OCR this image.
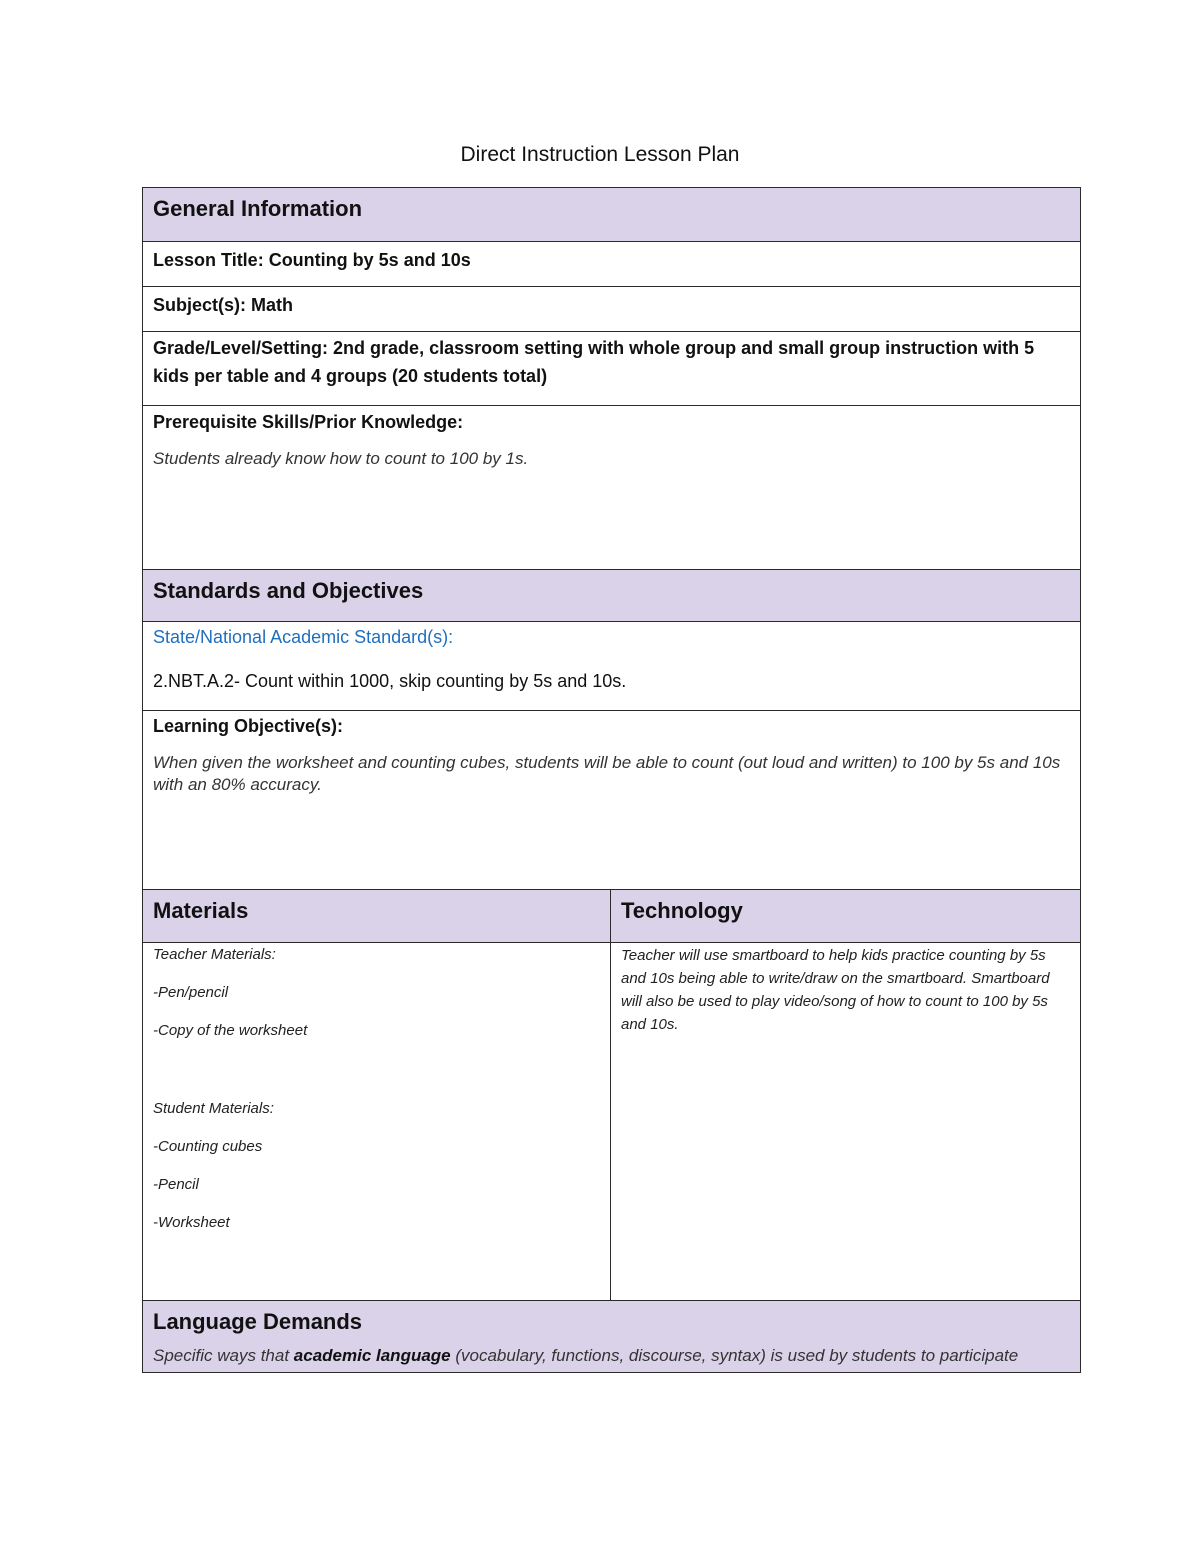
Direct Instruction Lesson Plan
General Information
Lesson Title: Counting by 5s and 10s
Subject(s): Math
Grade/Level/Setting: 2nd grade, classroom setting with whole group and small group instruction with 5 kids per table and 4 groups (20 students total)
Prerequisite Skills/Prior Knowledge:
Students already know how to count to 100 by 1s.
Standards and Objectives
State/National Academic Standard(s):
2.NBT.A.2- Count within 1000, skip counting by 5s and 10s.
Learning Objective(s):
When given the worksheet and counting cubes, students will be able to count (out loud and written) to 100 by 5s and 10s with an 80% accuracy.
Materials	Technology
Teacher Materials:
-Pen/pencil
-Copy of the worksheet
Student Materials:
-Counting cubes
-Pencil
-Worksheet
Teacher will use smartboard to help kids practice counting by 5s and 10s being able to write/draw on the smartboard. Smartboard will also be used to play video/song of how to count to 100 by 5s and 10s.
Language Demands
Specific ways that academic language (vocabulary, functions, discourse, syntax) is used by students to participate
